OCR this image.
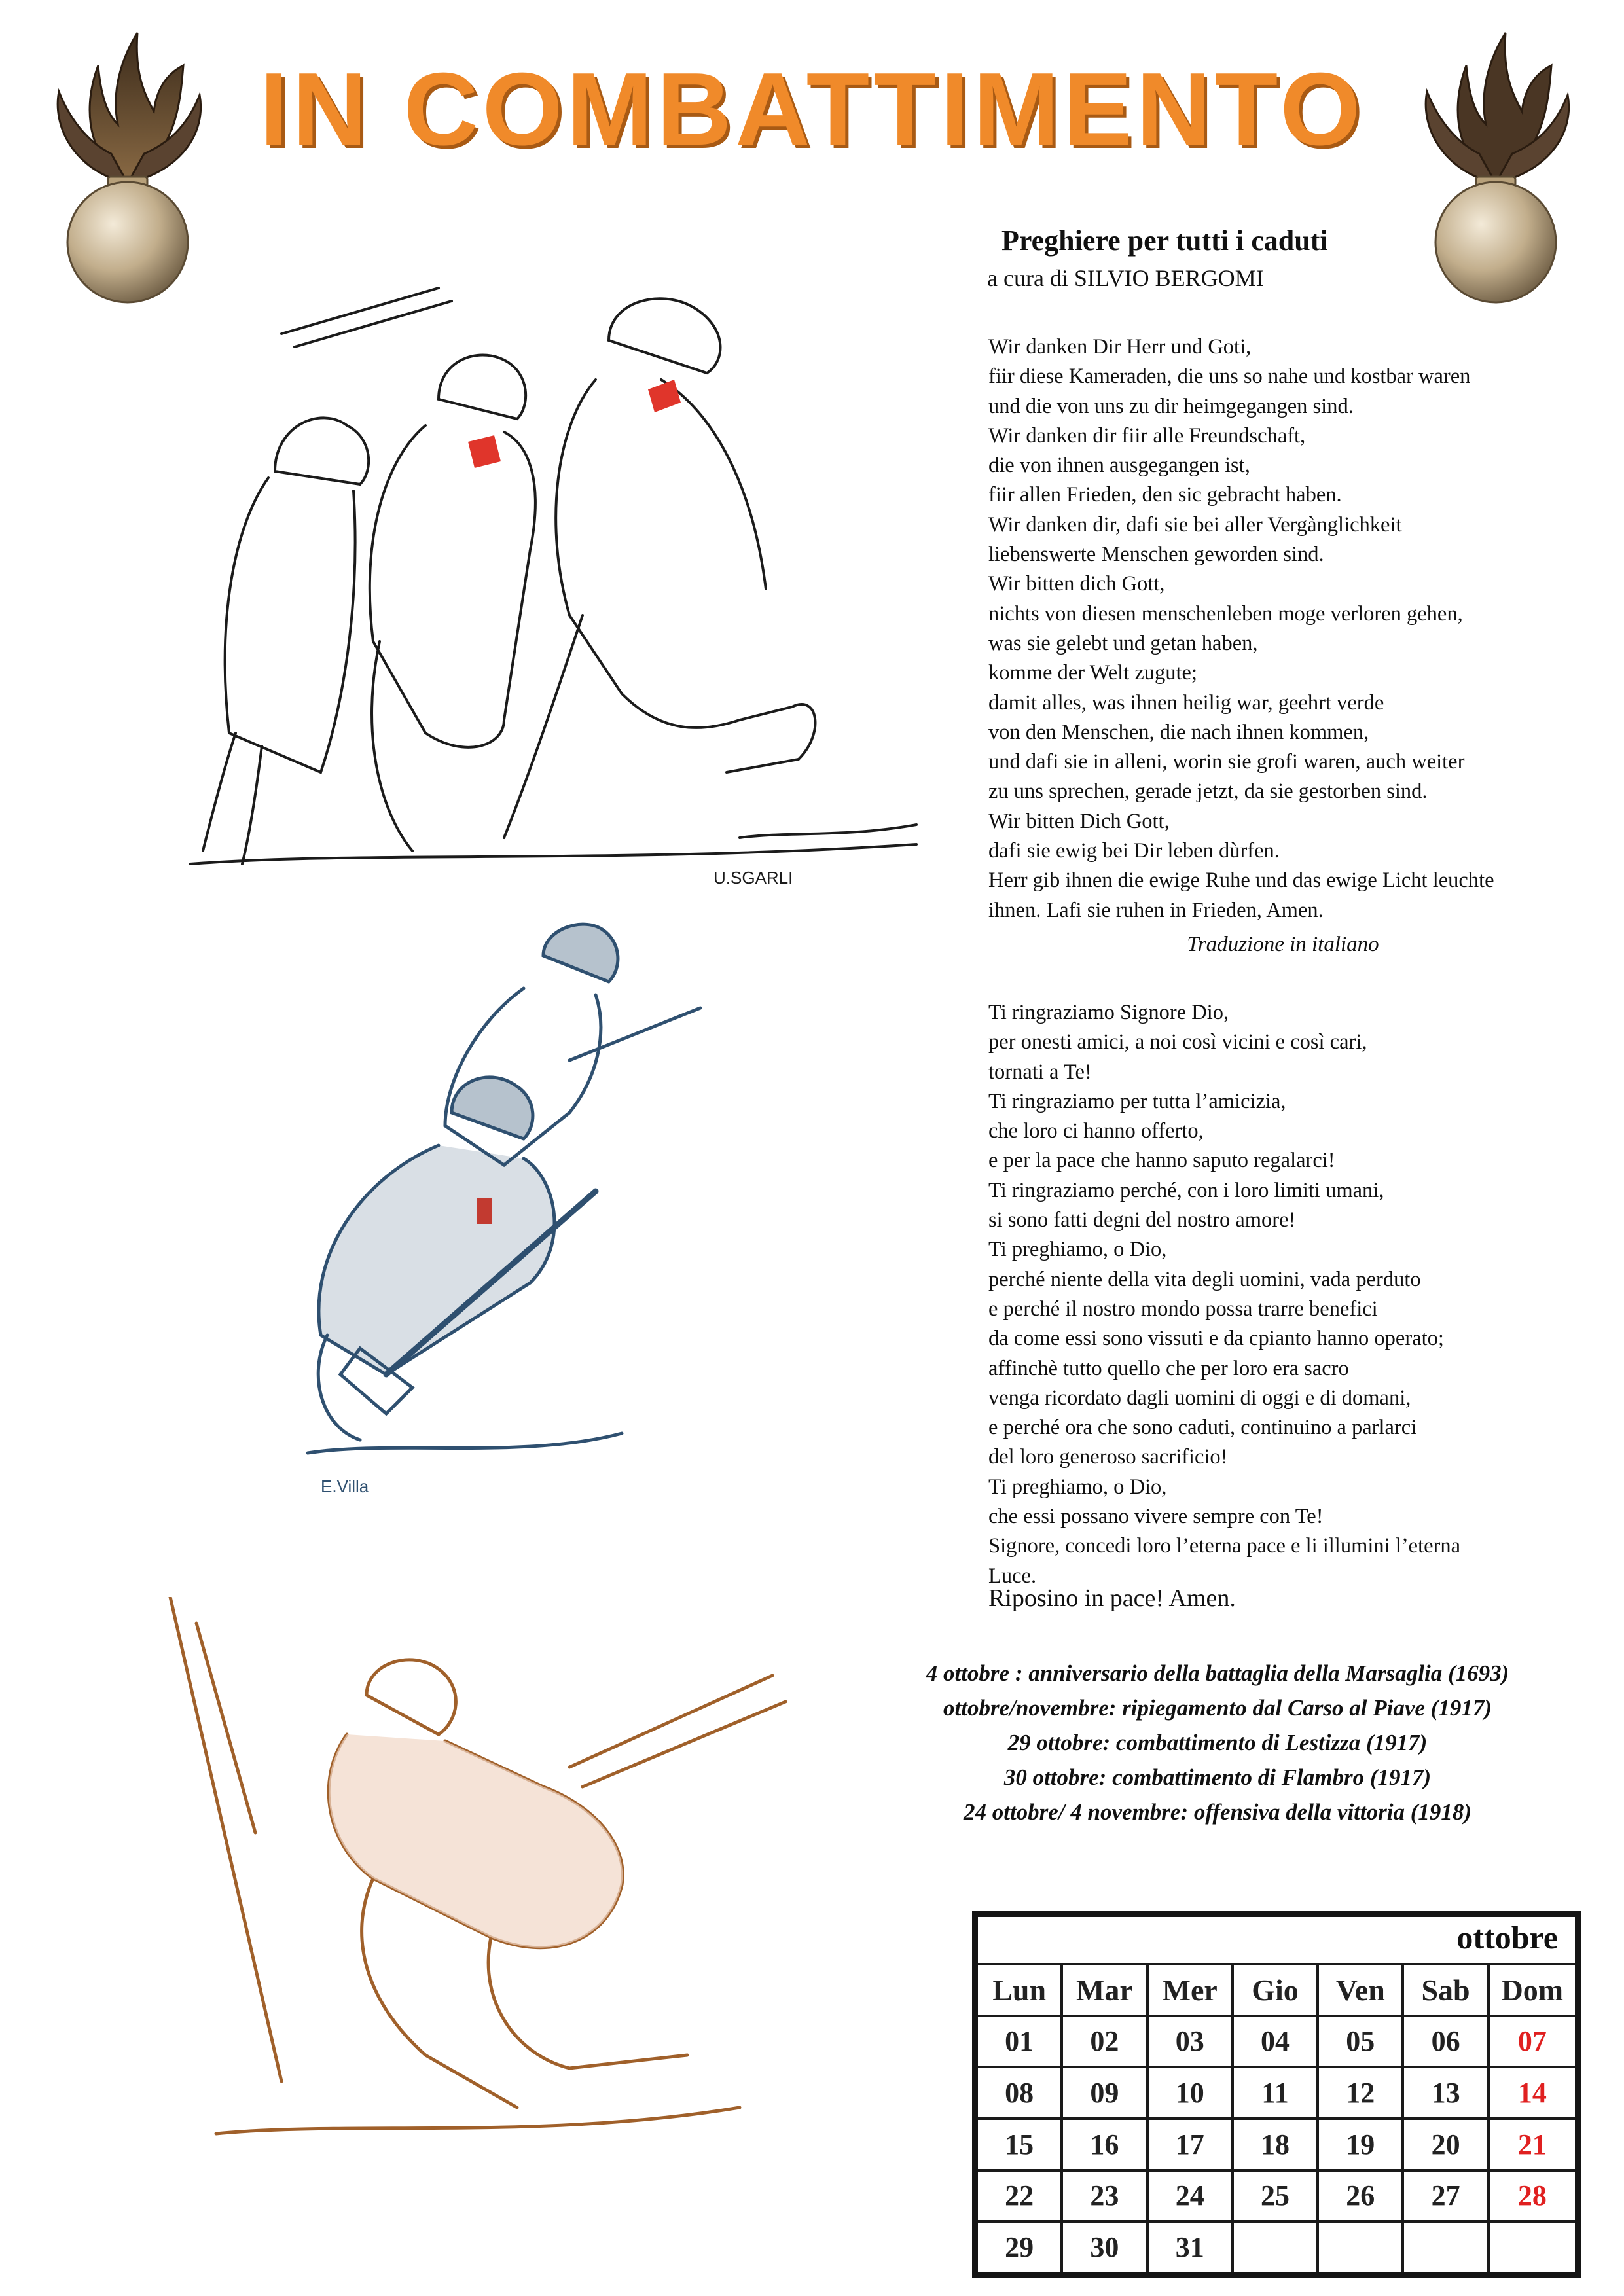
IN COMBATTIMENTO
U.SGARLI
E.Villa
Preghiere per tutti i caduti
a cura di SILVIO BERGOMI
Wir danken Dir Herr und Goti,
fiir diese Kameraden, die uns so nahe und kostbar waren
und die von uns zu dir heimgegangen sind.
Wir danken dir fiir alle Freundschaft,
die von ihnen ausgegangen ist,
fiir allen Frieden, den sic gebracht haben.
Wir danken dir, dafi sie bei aller Vergànglichkeit
liebenswerte Menschen geworden sind.
Wir bitten dich Gott,
nichts von diesen menschenleben moge verloren gehen,
was sie gelebt und getan haben,
komme der Welt zugute;
damit alles, was ihnen heilig war, geehrt verde
von den Menschen, die nach ihnen kommen,
und dafi sie in alleni, worin sie grofi waren, auch weiter
zu uns sprechen, gerade jetzt, da sie gestorben sind.
Wir bitten Dich Gott,
dafi sie ewig bei Dir leben dùrfen.
Herr gib ihnen die ewige Ruhe und das ewige Licht leuchte
ihnen. Lafi sie ruhen in Frieden, Amen.
Traduzione in italiano
Ti ringraziamo Signore Dio,
per onesti amici, a noi così vicini e così cari,
tornati a Te!
Ti ringraziamo per tutta l’amicizia,
che loro ci hanno offerto,
e per la pace che hanno saputo regalarci!
Ti ringraziamo perché, con i loro limiti umani,
si sono fatti degni del nostro amore!
Ti preghiamo, o Dio,
perché niente della vita degli uomini, vada perduto
e perché il nostro mondo possa trarre benefici
da come essi sono vissuti e da cpianto hanno operato;
affinchè tutto quello che per loro era sacro
venga ricordato dagli uomini di oggi e di domani,
e perché ora che sono caduti, continuino a parlarci
del loro generoso sacrificio!
Ti preghiamo, o Dio,
che essi possano vivere sempre con Te!
Signore, concedi loro l’eterna pace e li illumini l’eterna
Luce.
Riposino in pace! Amen.
4 ottobre : anniversario della battaglia della Marsaglia (1693)
ottobre/novembre: ripiegamento dal Carso al Piave (1917)
29 ottobre: combattimento di Lestizza (1917)
30 ottobre: combattimento di Flambro (1917)
24 ottobre/ 4 novembre: offensiva della vittoria (1918)
ottobre
Lun Mar Mer	Gio	Ven	Sab	Dom
01	02	03	04	05	06	07
08	09	10	11	12	13	14
15	16	17	18	19	20	21
22	23	24	25	26	27	28
29	30	31
